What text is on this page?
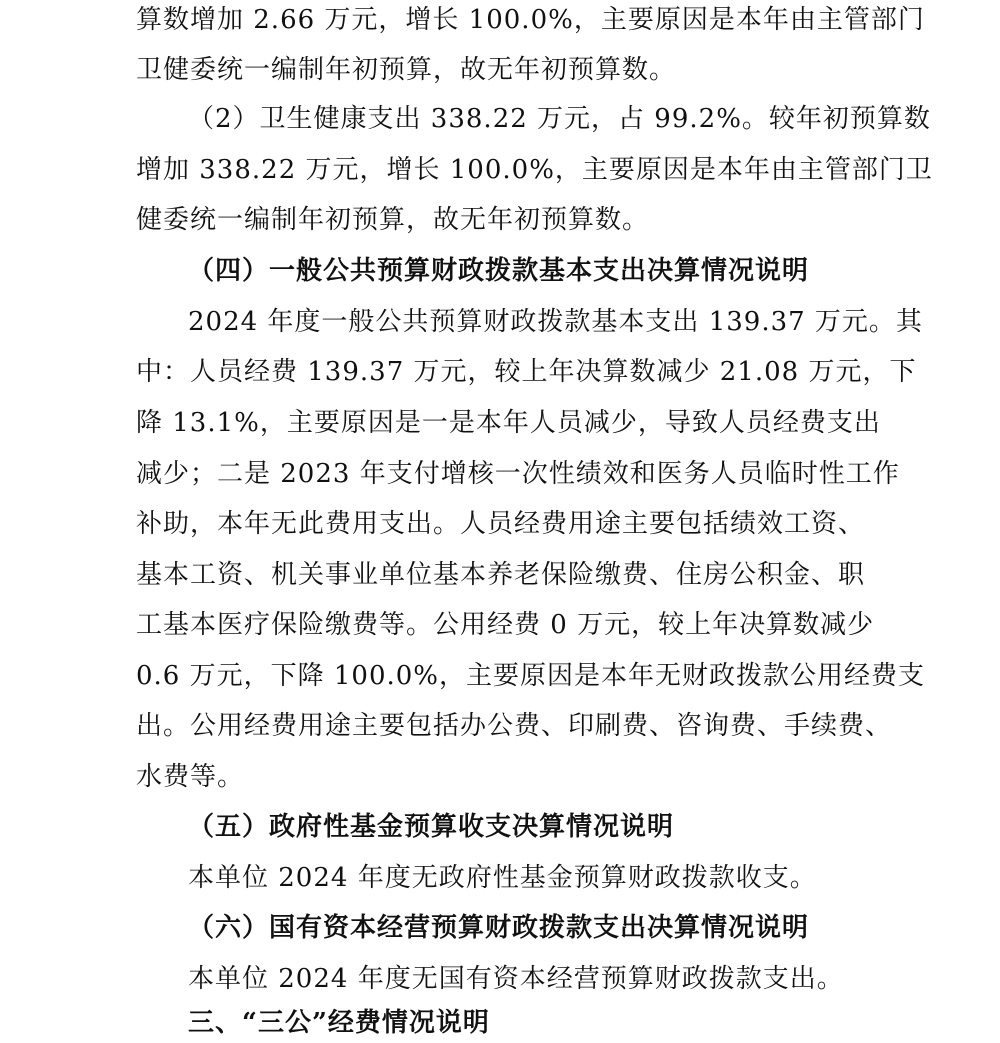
算数增加 2.66 万元，增长 100.0%，主要原因是本年由主管部门
卫健委统一编制年初预算，故无年初预算数。
（2）卫生健康支出 338.22 万元，占 99.2%。较年初预算数
增加 338.22 万元，增长 100.0%，主要原因是本年由主管部门卫
健委统一编制年初预算，故无年初预算数。
（四）一般公共预算财政拨款基本支出决算情况说明
2024 年度一般公共预算财政拨款基本支出 139.37 万元。其
中：人员经费 139.37 万元，较上年决算数减少 21.08 万元，下
降 13.1%，主要原因是一是本年人员减少，导致人员经费支出
减少；二是 2023 年支付增核一次性绩效和医务人员临时性工作
补助，本年无此费用支出。人员经费用途主要包括绩效工资、
基本工资、机关事业单位基本养老保险缴费、住房公积金、职
工基本医疗保险缴费等。公用经费 0 万元，较上年决算数减少
0.6 万元，下降 100.0%，主要原因是本年无财政拨款公用经费支
出。公用经费用途主要包括办公费、印刷费、咨询费、手续费、
水费等。
（五）政府性基金预算收支决算情况说明
本单位 2024 年度无政府性基金预算财政拨款收支。
（六）国有资本经营预算财政拨款支出决算情况说明
本单位 2024 年度无国有资本经营预算财政拨款支出。
三、“三公”经费情况说明
